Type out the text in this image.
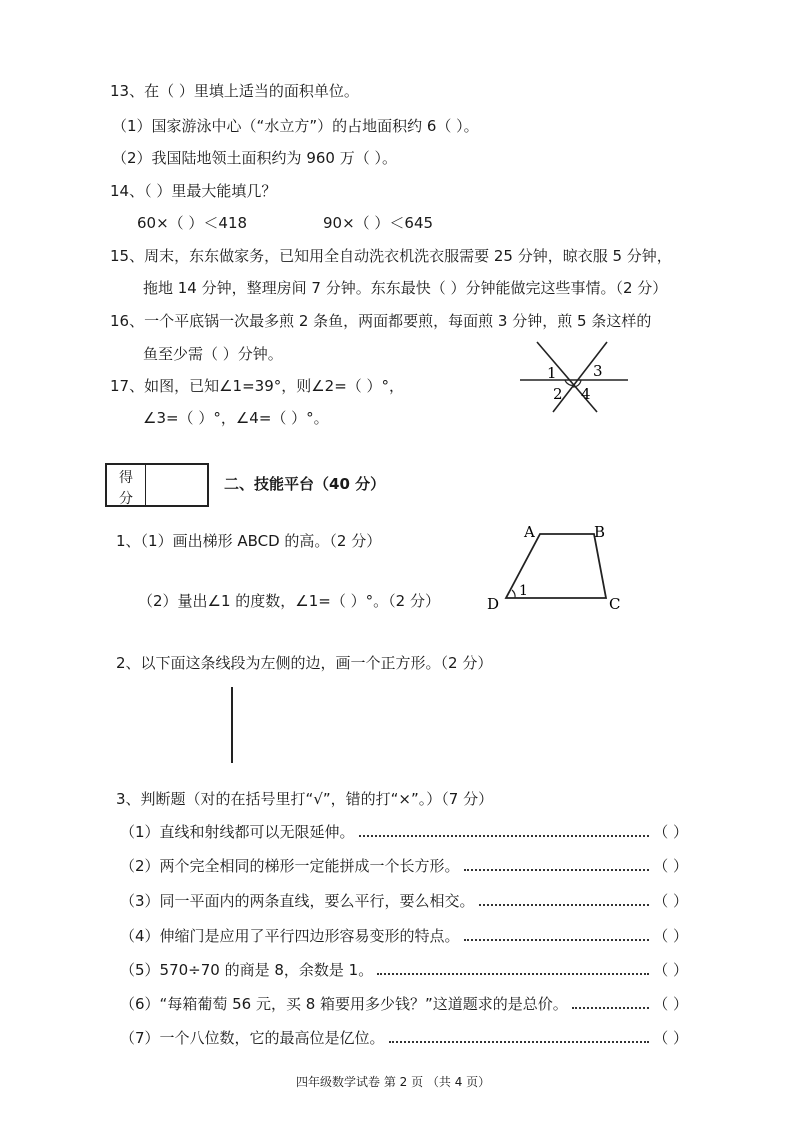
13、在（ ）里填上适当的面积单位。
（1）国家游泳中心（“水立方”）的占地面积约 6（ ）。
（2）我国陆地领土面积约为 960 万（ ）。
14、（ ）里最大能填几？
60×（ ）＜418	90×（ ）＜645
15、周末，东东做家务，已知用全自动洗衣机洗衣服需要 25 分钟，晾衣服 5 分钟，
拖地 14 分钟，整理房间 7 分钟。东东最快（ ）分钟能做完这些事情。（2 分）
16、一个平底锅一次最多煎 2 条鱼，两面都要煎，每面煎 3 分钟，煎 5 条这样的
鱼至少需（ ）分钟。
17、如图，已知∠1=39°，则∠2=（ ）°，
∠3=（ ）°，∠4=（ ）°。
1
2
3
4
得
分
二、技能平台（40 分）
1、（1）画出梯形 ABCD 的高。（2 分）
（2）量出∠1 的度数，∠1=（ ）°。（2 分）
A	B
C
D
1
2、以下面这条线段为左侧的边，画一个正方形。（2 分）
3、判断题（对的在括号里打“√”，错的打“×”。）（7 分）
（1）直线和射线都可以无限延伸。	（ ）
（2）两个完全相同的梯形一定能拼成一个长方形。	（ ）
（3）同一平面内的两条直线，要么平行，要么相交。	（ ）
（4）伸缩门是应用了平行四边形容易变形的特点。	（ ）
（5）570÷70 的商是 8，余数是 1。	（ ）
（6）“每箱葡萄 56 元，买 8 箱要用多少钱？”这道题求的是总价。	（ ）
（7）一个八位数，它的最高位是亿位。	（ ）
四年级数学试卷 第 2 页 （共 4 页）
